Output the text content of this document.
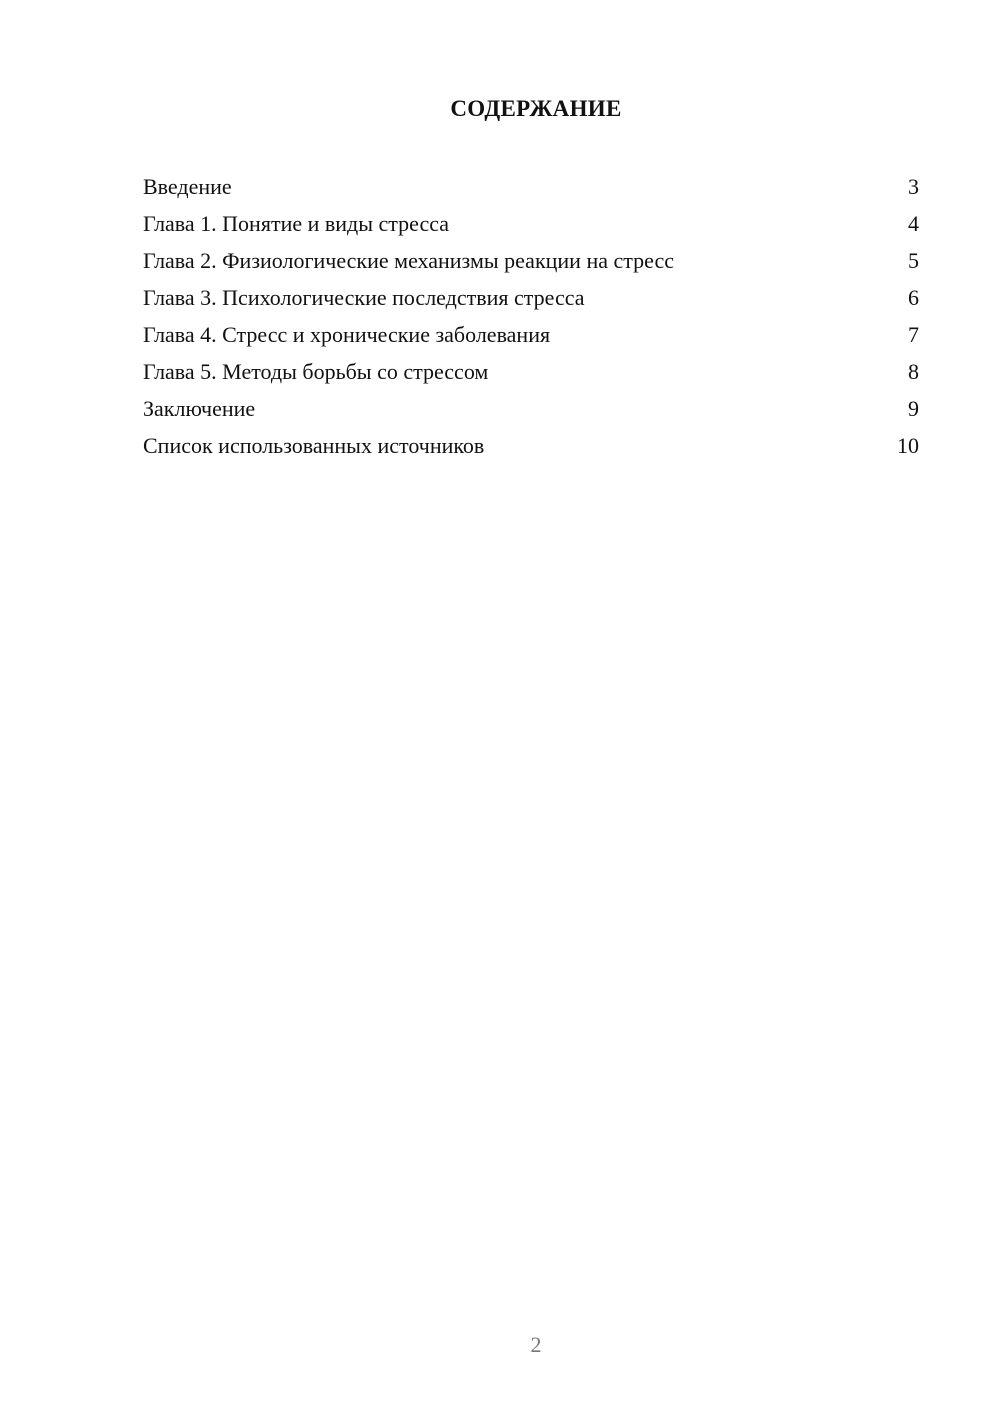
СОДЕРЖАНИЕ
Введение	3
Глава 1. Понятие и виды стресса	4
Глава 2. Физиологические механизмы реакции на стресс	5
Глава 3. Психологические последствия стресса	6
Глава 4. Стресс и хронические заболевания	7
Глава 5. Методы борьбы со стрессом	8
Заключение	9
Список использованных источников	10
2
